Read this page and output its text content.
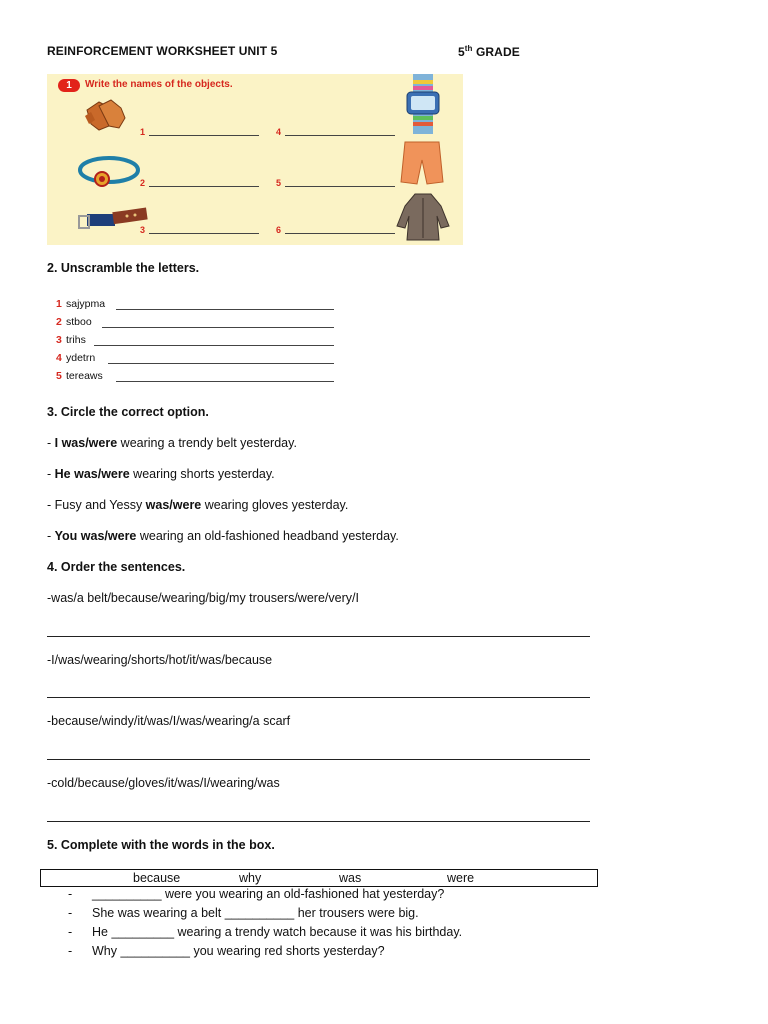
REINFORCEMENT WORKSHEET UNIT 5	5th GRADE
1	Write the names of the objects.
1
2
3
4
5
6
2. Unscramble the letters.
1 sajypma
2 stboo
3 trihs
4 ydetrn
5 tereaws
3. Circle the correct option.
- I was/were wearing a trendy belt yesterday.
- He was/were wearing shorts yesterday.
- Fusy and Yessy was/were wearing gloves yesterday.
- You was/were wearing an old-fashioned headband yesterday.
4. Order the sentences.
-was/a belt/because/wearing/big/my trousers/were/very/I
-I/was/wearing/shorts/hot/it/was/because
-because/windy/it/was/I/was/wearing/a scarf
-cold/because/gloves/it/was/I/wearing/was
5. Complete with the words in the box.
because	why	was	were
- __________ were you wearing an old-fashioned hat yesterday?
- She was wearing a belt __________ her trousers were big.
- He _________ wearing a trendy watch because it was his birthday.
- Why __________ you wearing red shorts yesterday?
